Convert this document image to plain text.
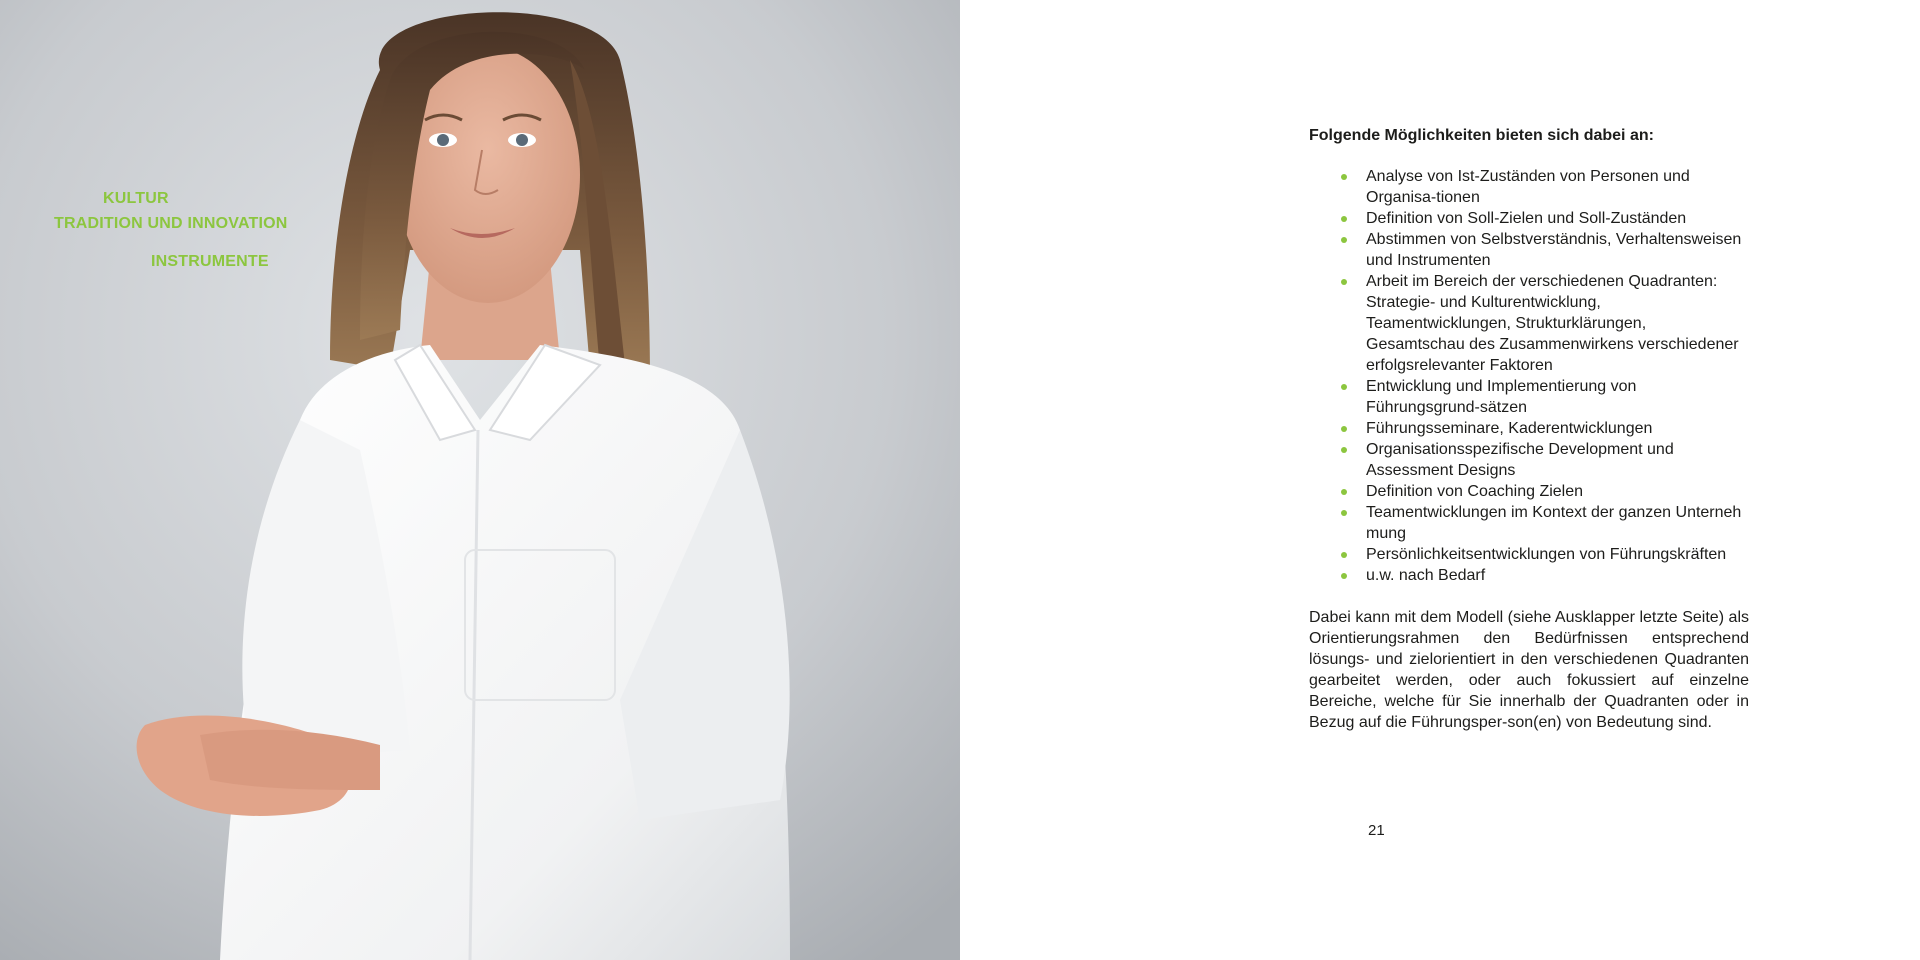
KULTUR
TRADITION UND INNOVATION
INSTRUMENTE

Folgende Möglichkeiten bieten sich dabei an:

Analyse von Ist-Zuständen von Personen und Organisa-tionen
Definition von Soll-Zielen und Soll-Zuständen
Abstimmen von Selbstverständnis, Verhaltensweisen und Instrumenten
Arbeit im Bereich der verschiedenen Quadranten: Strategie- und Kulturentwicklung, Teamentwicklungen, Strukturklärungen, Gesamtschau des Zusammenwirkens verschiedener erfolgsrelevanter Faktoren
Entwicklung und Implementierung von Führungsgrund-sätzen
Führungsseminare, Kaderentwicklungen
Organisationsspezifische Development und Assessment Designs
Definition von Coaching Zielen
Teamentwicklungen im Kontext der ganzen Unterneh mung
Persönlichkeitsentwicklungen von Führungskräften
u.w. nach Bedarf

Dabei kann mit dem Modell (siehe Ausklapper letzte Seite) als Orientierungsrahmen den Bedürfnissen entsprechend lösungs- und zielorientiert in den verschiedenen Quadranten gearbeitet werden, oder auch fokussiert auf einzelne Bereiche, welche für Sie innerhalb der Quadranten oder in Bezug auf die Führungsper-son(en) von Bedeutung sind.

21
